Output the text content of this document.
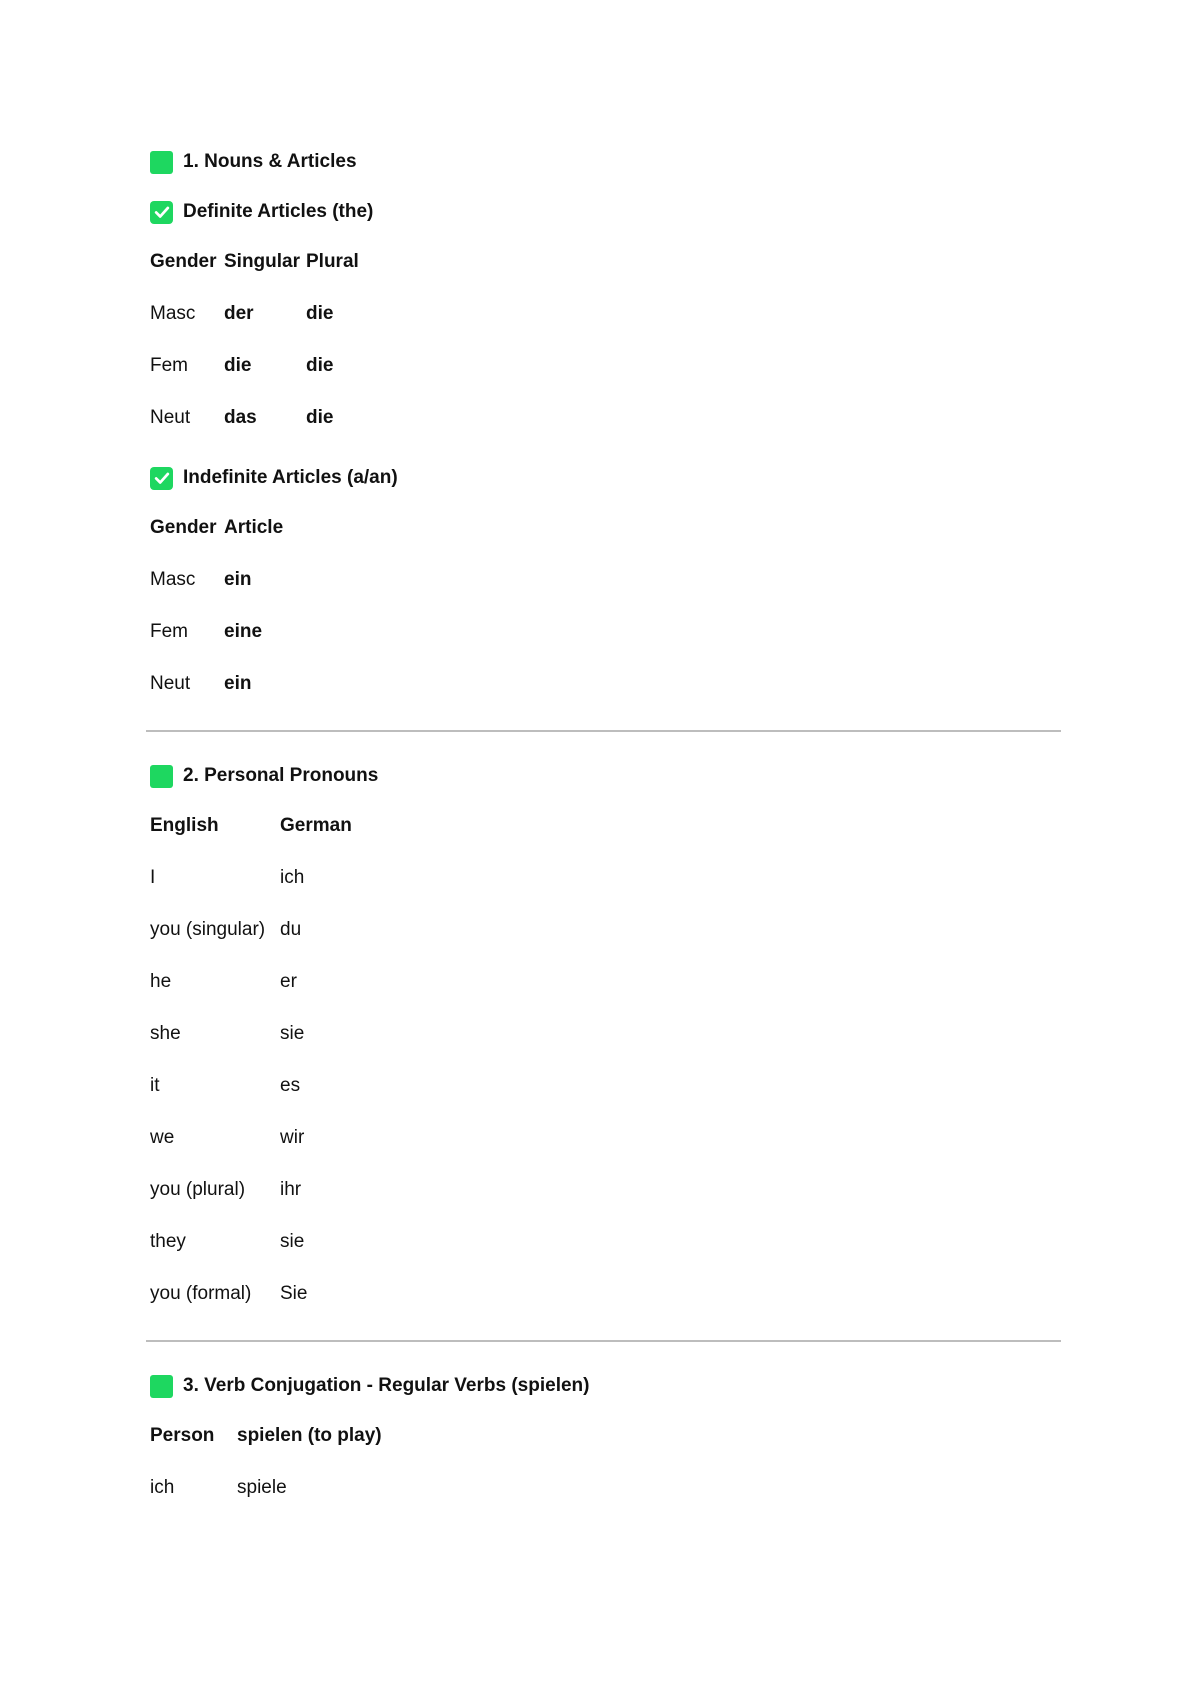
1. Nouns & Articles
Definite Articles (the)
Gender	Singular	Plural
Masc	der	die
Fem	die	die
Neut	das	die
Indefinite Articles (a/an)
Gender	Article
Masc	ein
Fem	eine
Neut	ein
2. Personal Pronouns
English	German
I	ich
you (singular)	du
he	er
she	sie
it	es
we	wir
you (plural)	ihr
they	sie
you (formal)	Sie
3. Verb Conjugation - Regular Verbs (spielen)
Person	spielen (to play)
ich	spiele
